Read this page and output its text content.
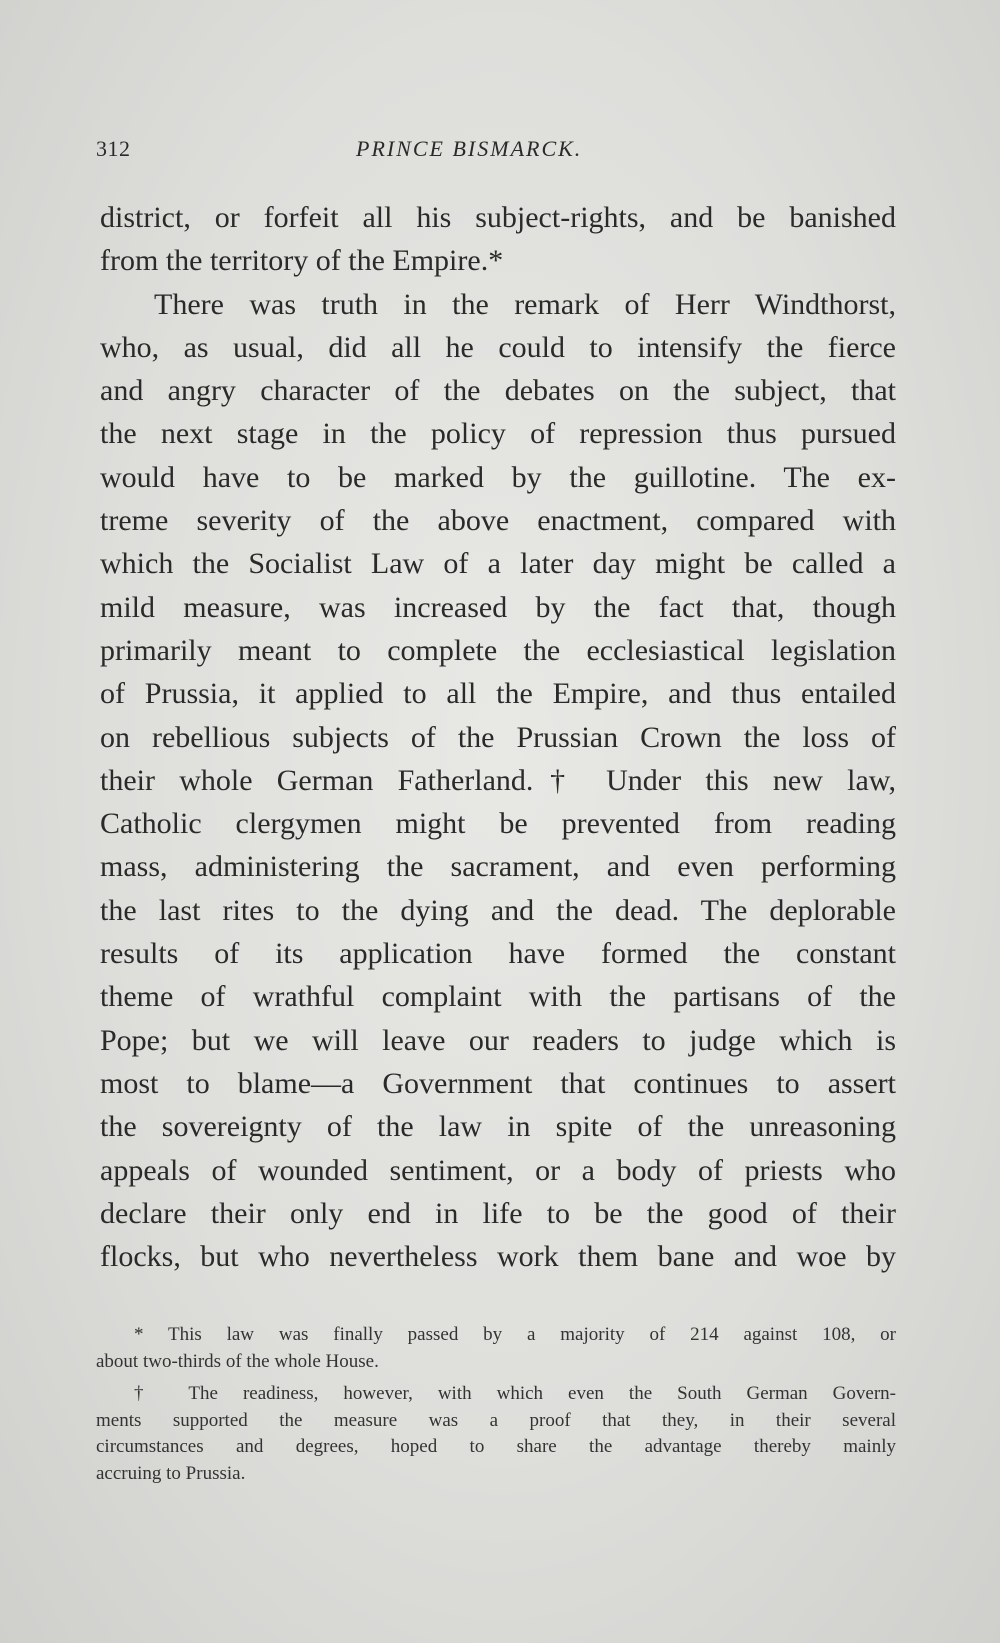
312	PRINCE BISMARCK.
district, or forfeit all his subject-rights, and be banished
from the territory of the Empire.*
There was truth in the remark of Herr Windthorst,
who, as usual, did all he could to intensify the fierce
and angry character of the debates on the subject, that
the next stage in the policy of repression thus pursued
would have to be marked by the guillotine. The ex-
treme severity of the above enactment, compared with
which the Socialist Law of a later day might be called a
mild measure, was increased by the fact that, though
primarily meant to complete the ecclesiastical legislation
of Prussia, it applied to all the Empire, and thus entailed
on rebellious subjects of the Prussian Crown the loss of
their whole German Fatherland.† Under this new law,
Catholic clergymen might be prevented from reading
mass, administering the sacrament, and even performing
the last rites to the dying and the dead. The deplorable
results of its application have formed the constant
theme of wrathful complaint with the partisans of the
Pope; but we will leave our readers to judge which is
most to blame—a Government that continues to assert
the sovereignty of the law in spite of the unreasoning
appeals of wounded sentiment, or a body of priests who
declare their only end in life to be the good of their
flocks, but who nevertheless work them bane and woe by
* This law was finally passed by a majority of 214 against 108, or
about two-thirds of the whole House.
† The readiness, however, with which even the South German Govern-
ments supported the measure was a proof that they, in their several
circumstances and degrees, hoped to share the advantage thereby mainly
accruing to Prussia.
